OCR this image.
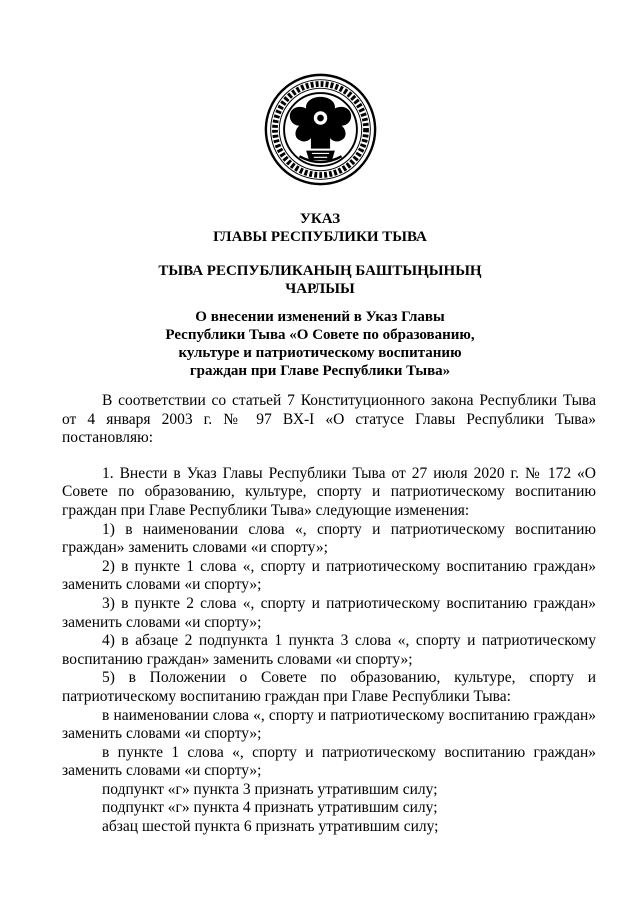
УКАЗ
ГЛАВЫ РЕСПУБЛИКИ ТЫВА
ТЫВА РЕСПУБЛИКАНЫҢ БАШТЫҢЫНЫҢ
ЧАРЛЫЫ
О внесении изменений в Указ Главы
Республики Тыва «О Совете по образованию,
культуре и патриотическому воспитанию
граждан при Главе Республики Тыва»

В соответствии со статьей 7 Конституционного закона Республики Тыва от 4 января 2003 г. № 97 ВХ-I «О статусе Главы Республики Тыва» постановляю:

1. Внести в Указ Главы Республики Тыва от 27 июля 2020 г. № 172 «О Совете по образованию, культуре, спорту и патриотическому воспитанию граждан при Главе Республики Тыва» следующие изменения:

1) в наименовании слова «, спорту и патриотическому воспитанию граждан» заменить словами «и спорту»;

2) в пункте 1 слова «, спорту и патриотическому воспитанию граждан» заменить словами «и спорту»;

3) в пункте 2 слова «, спорту и патриотическому воспитанию граждан» заменить словами «и спорту»;

4) в абзаце 2 подпункта 1 пункта 3 слова «, спорту и патриотическому воспитанию граждан» заменить словами «и спорту»;

5) в Положении о Совете по образованию, культуре, спорту и патриотическому воспитанию граждан при Главе Республики Тыва:

в наименовании слова «, спорту и патриотическому воспитанию граждан» заменить словами «и спорту»;

в пункте 1 слова «, спорту и патриотическому воспитанию граждан» заменить словами «и спорту»;

подпункт «г» пункта 3 признать утратившим силу;

подпункт «г» пункта 4 признать утратившим силу;

абзац шестой пункта 6 признать утратившим силу;
